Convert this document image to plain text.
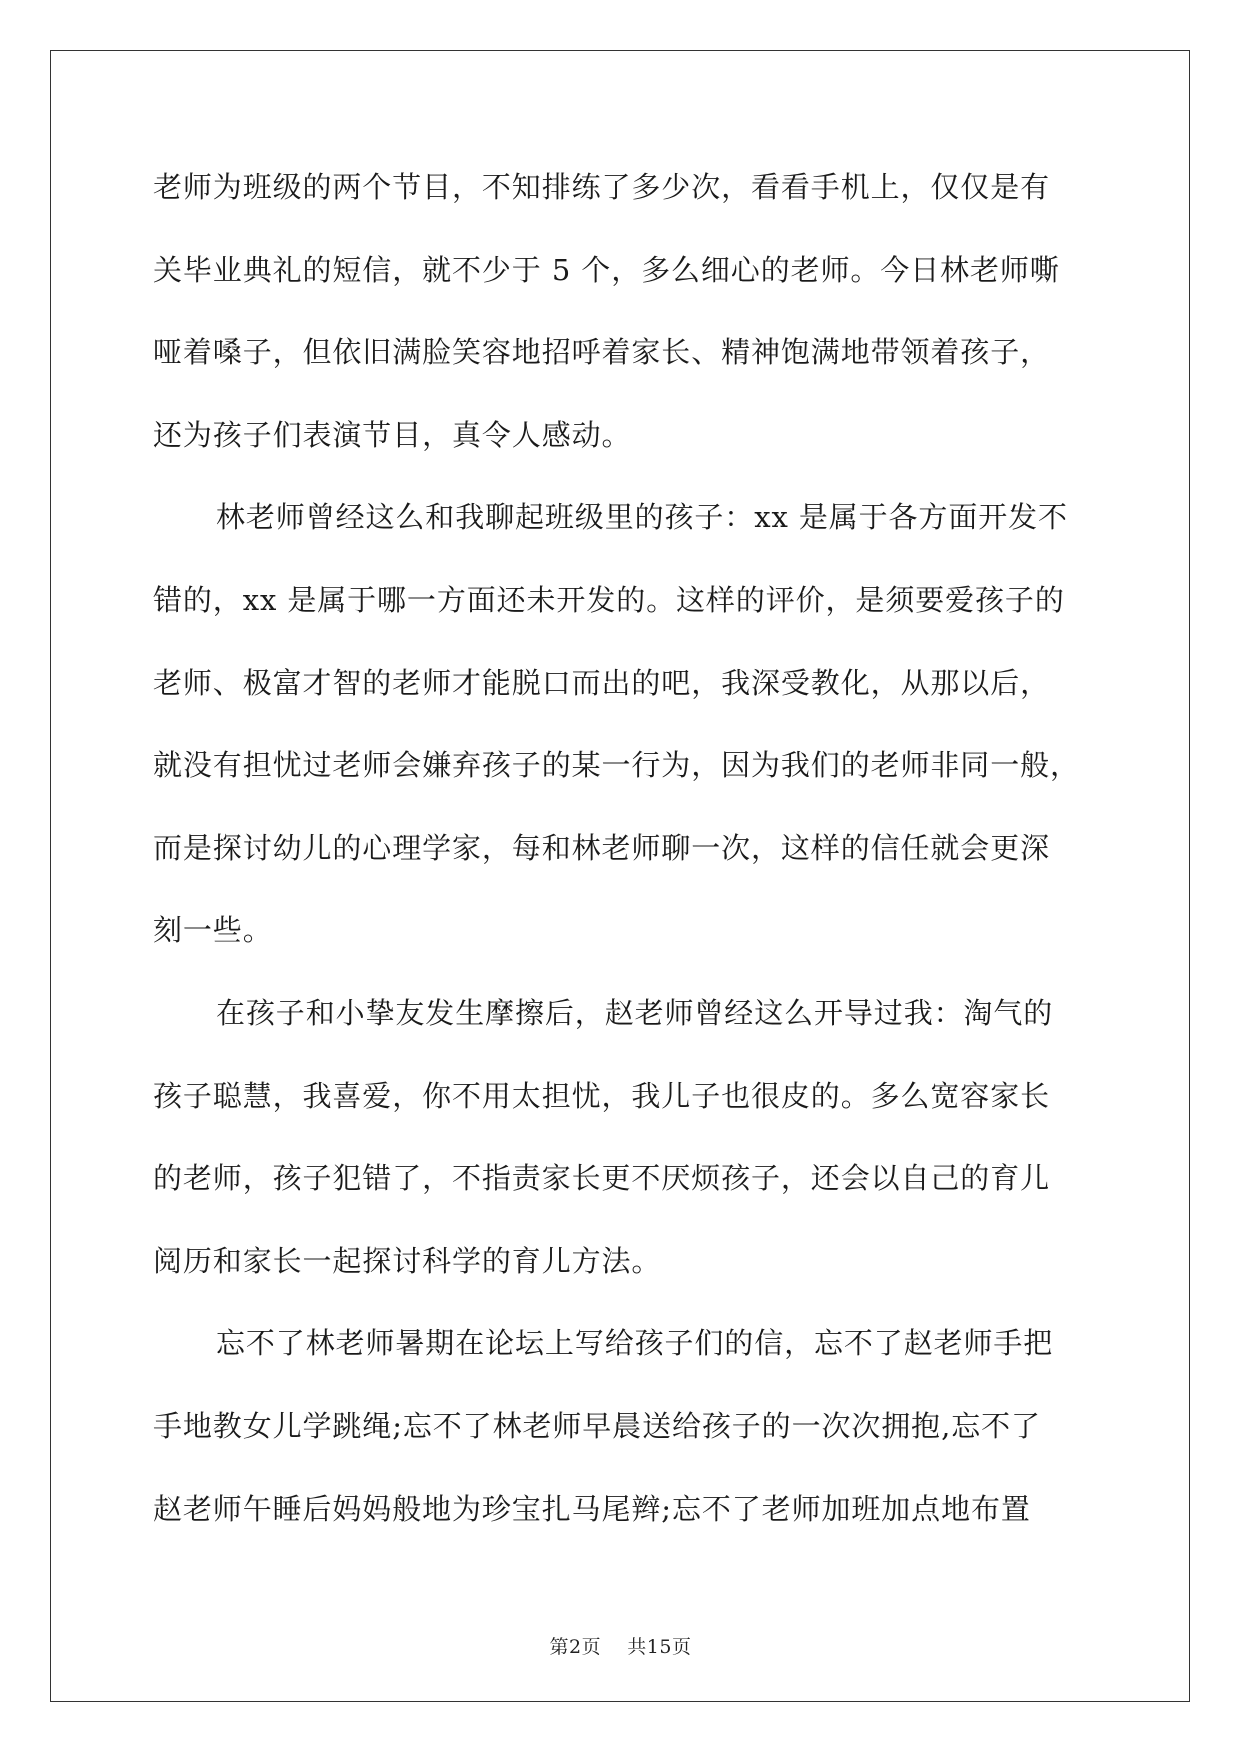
老师为班级的两个节目，不知排练了多少次，看看手机上，仅仅是有
关毕业典礼的短信，就不少于 5 个，多么细心的老师。今日林老师嘶
哑着嗓子，但依旧满脸笑容地招呼着家长、精神饱满地带领着孩子，
还为孩子们表演节目，真令人感动。
林老师曾经这么和我聊起班级里的孩子：xx 是属于各方面开发不
错的，xx 是属于哪一方面还未开发的。这样的评价，是须要爱孩子的
老师、极富才智的老师才能脱口而出的吧，我深受教化，从那以后，
就没有担忧过老师会嫌弃孩子的某一行为，因为我们的老师非同一般，
而是探讨幼儿的心理学家，每和林老师聊一次，这样的信任就会更深
刻一些。
在孩子和小挚友发生摩擦后，赵老师曾经这么开导过我：淘气的
孩子聪慧，我喜爱，你不用太担忧，我儿子也很皮的。多么宽容家长
的老师，孩子犯错了，不指责家长更不厌烦孩子，还会以自己的育儿
阅历和家长一起探讨科学的育儿方法。
忘不了林老师暑期在论坛上写给孩子们的信，忘不了赵老师手把
手地教女儿学跳绳;忘不了林老师早晨送给孩子的一次次拥抱,忘不了
赵老师午睡后妈妈般地为珍宝扎马尾辫;忘不了老师加班加点地布置
第2页 共15页
